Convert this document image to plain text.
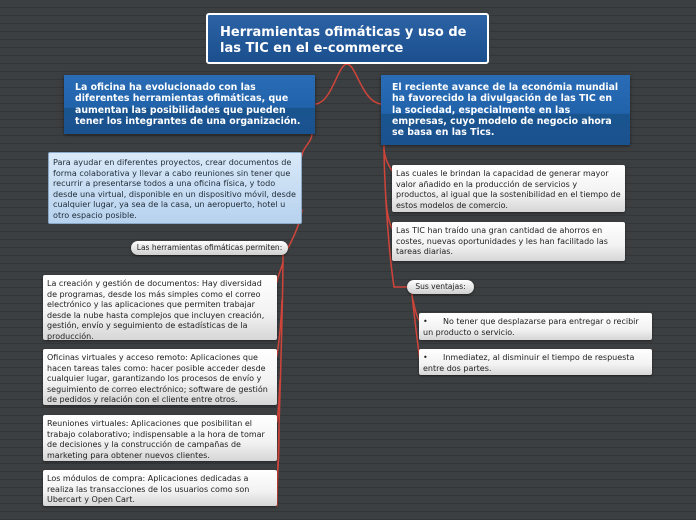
Herramientas ofimáticas y uso de las TIC en el e-commerce
La oficina ha evolucionado con las diferentes herramientas ofimáticas, que aumentan las posibilidades que pueden tener los integrantes de una organización.
El reciente avance de la económia mundial ha favorecido la divulgación de las TIC en la sociedad, especialmente en las empresas, cuyo modelo de negocio ahora se basa en las Tics.
Para ayudar en diferentes proyectos, crear documentos de forma colaborativa y llevar a cabo reuniones sin tener que recurrir a presentarse todos a una oficina física, y todo desde una virtual, disponible en un dispositivo móvil, desde cualquier lugar, ya sea de la casa, un aeropuerto, hotel u otro espacio posible.
Las herramientas ofimáticas permiten:
La creación y gestión de documentos: Hay diversidad de programas, desde los más simples como el correo electrónico y las aplicaciones que permiten trabajar desde la nube hasta complejos que incluyen creación, gestión, envío y seguimiento de estadísticas de la producción.
Oficinas virtuales y acceso remoto: Aplicaciones que hacen tareas tales como: hacer posible acceder desde cualquier lugar, garantizando los procesos de envío y seguimiento de correo electrónico; software de gestión de pedidos y relación con el cliente entre otros.
Reuniones virtuales: Aplicaciones que posibilitan el trabajo colaborativo; indispensable a la hora de tomar de decisiones y la construcción de campañas de marketing para obtener nuevos clientes.
Los módulos de compra: Aplicaciones dedicadas a realiza las transacciones de los usuarios como son Ubercart y Open Cart.
Las cuales le brindan la capacidad de generar mayor valor añadido en la producción de servicios y productos, al igual que la sostenibilidad en el tiempo de estos modelos de comercio.
Las TIC han traído una gran cantidad de ahorros en costes, nuevas oportunidades y les han facilitado las tareas diarias.
Sus ventajas:
• No tener que desplazarse para entregar o recibir un producto o servicio.
• Inmediatez, al disminuir el tiempo de respuesta entre dos partes.
